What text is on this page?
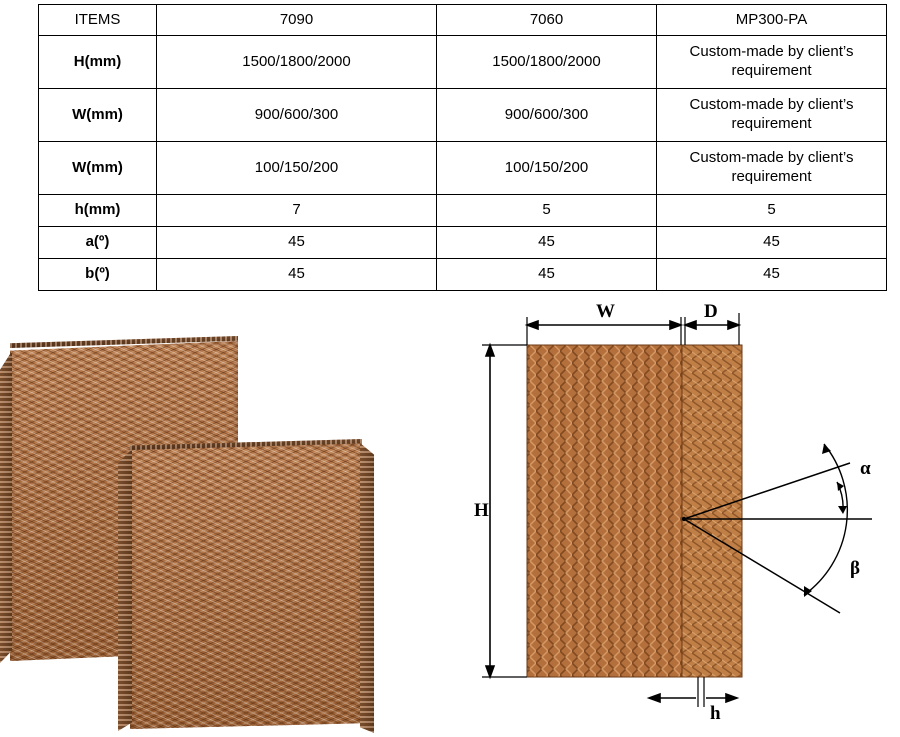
ITEMS	7090	7060	MP300-PA
H(mm)	1500/1800/2000	1500/1800/2000	Custom-made by client’s requirement
W(mm)	900/600/300	900/600/300	Custom-made by client’s requirement
W(mm)	100/150/200	100/150/200	Custom-made by client’s requirement
h(mm)	7	5	5
a(º)	45	45	45
b(º)	45	45	45
W	D
H
h
α
β
